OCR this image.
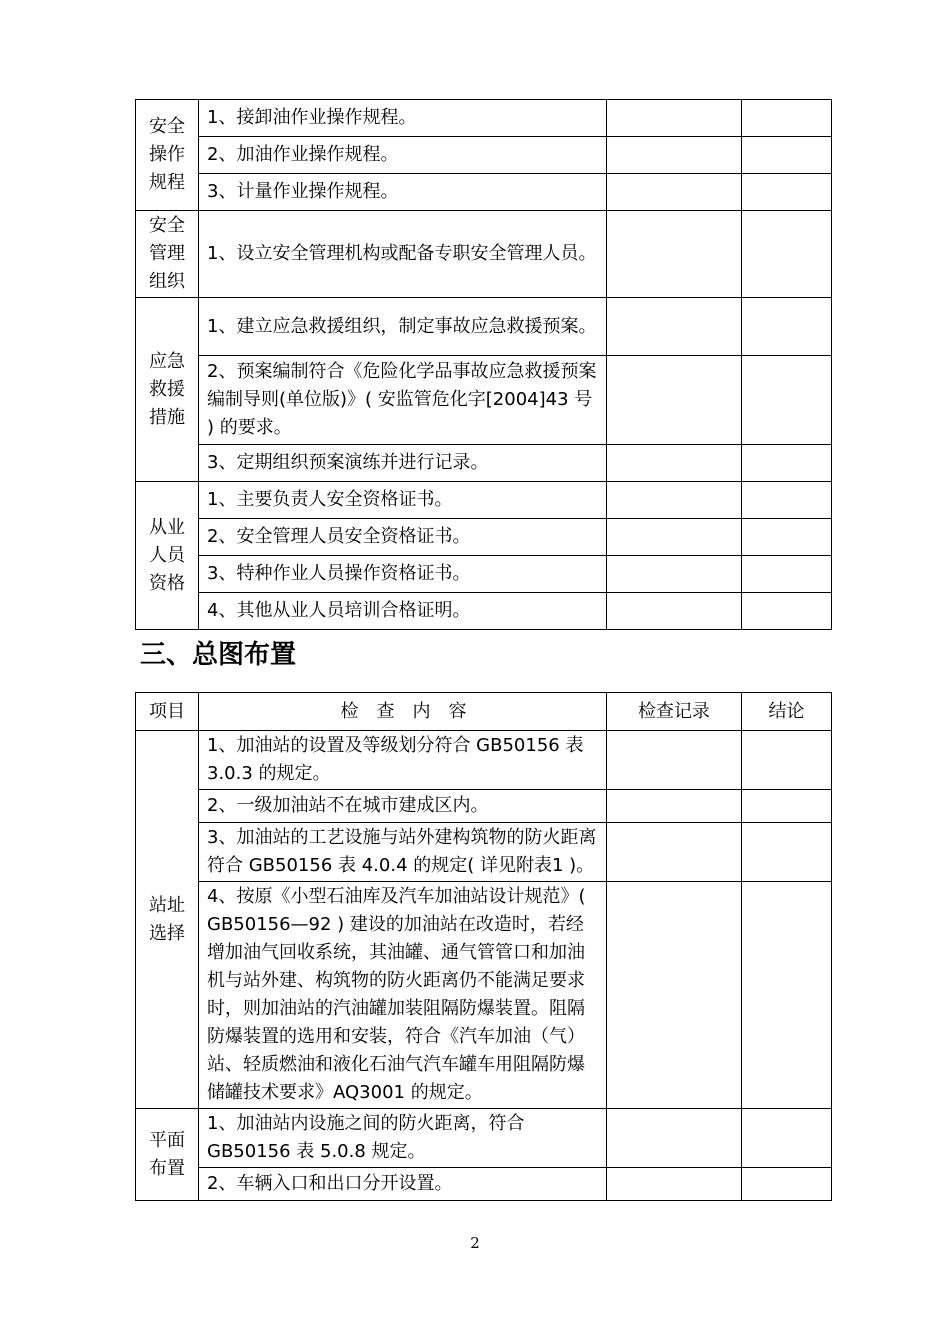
安全
操作
规程	1、接卸油作业操作规程。		
	2、加油作业操作规程。		
	3、计量作业操作规程。		
安全
管理
组织	1、设立安全管理机构或配备专职安全管理人员。		
应急
救援
措施	1、建立应急救援组织，制定事故应急救援预案。		
	2、预案编制符合《危险化学品事故应急救援预案编制导则(单位版)》( 安监管危化字[2004]43 号 ) 的要求。		
	3、定期组织预案演练并进行记录。		
从业
人员
资格	1、主要负责人安全资格证书。		
	2、安全管理人员安全资格证书。		
	3、特种作业人员操作资格证书。		
	4、其他从业人员培训合格证明。		
三、总图布置
项目	检　查　内　容	检查记录	结论
站址
选择	1、加油站的设置及等级划分符合 GB50156 表 3.0.3 的规定。		
	2、一级加油站不在城市建成区内。		
	3、加油站的工艺设施与站外建构筑物的防火距离符合 GB50156 表 4.0.4 的规定( 详见附表1 )。		
	4、按原《小型石油库及汽车加油站设计规范》( GB50156—92 ) 建设的加油站在改造时，若经增加油气回收系统，其油罐、通气管管口和加油机与站外建、构筑物的防火距离仍不能满足要求时，则加油站的汽油罐加装阻隔防爆装置。阻隔防爆装置的选用和安装，符合《汽车加油（气）站、轻质燃油和液化石油气汽车罐车用阻隔防爆储罐技术要求》AQ3001 的规定。		
平面
布置	1、加油站内设施之间的防火距离，符合 GB50156 表 5.0.8 规定。		
	2、车辆入口和出口分开设置。		
2
